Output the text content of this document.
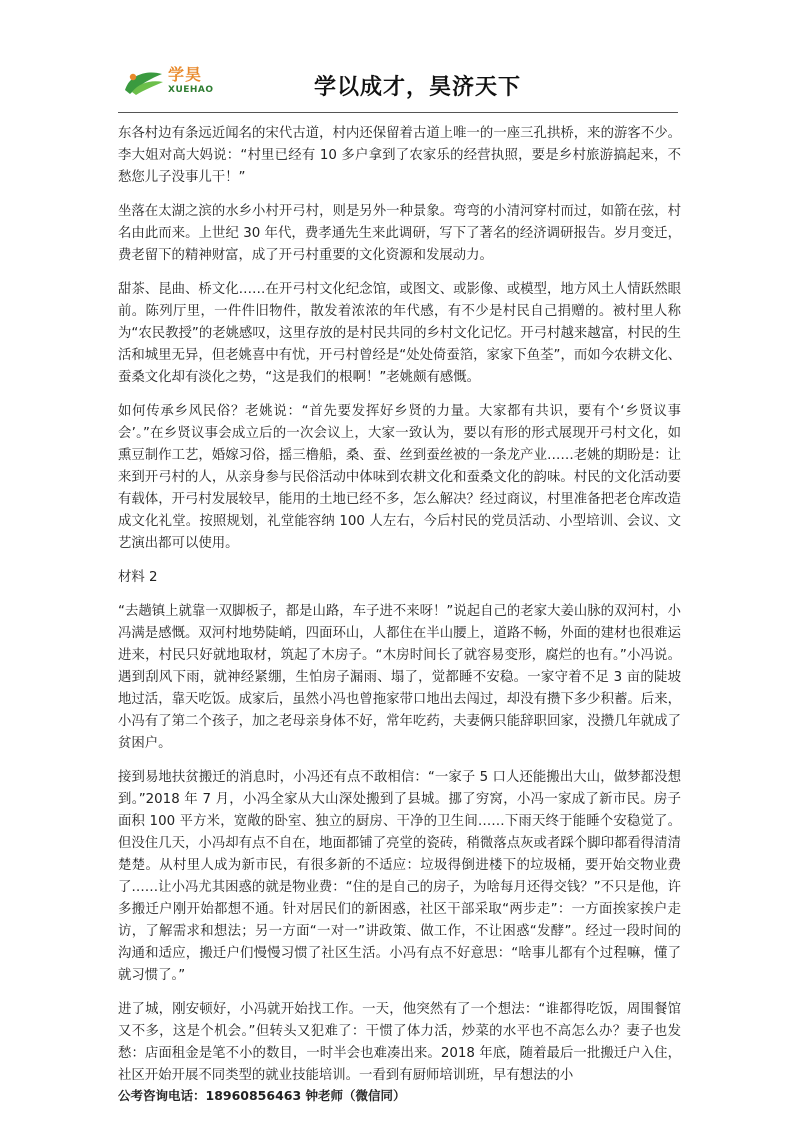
学昊
XUEHAO	学以成才，昊济天下

东各村边有条远近闻名的宋代古道，村内还保留着古道上唯一的一座三孔拱桥，来的游客不少。李大姐对高大妈说：“村里已经有 10 多户拿到了农家乐的经营执照，要是乡村旅游搞起来，不愁您儿子没事儿干！”

坐落在太湖之滨的水乡小村开弓村，则是另外一种景象。弯弯的小清河穿村而过，如箭在弦，村名由此而来。上世纪 30 年代，费孝通先生来此调研，写下了著名的经济调研报告。岁月变迁，费老留下的精神财富，成了开弓村重要的文化资源和发展动力。

甜茶、昆曲、桥文化……在开弓村文化纪念馆，或图文、或影像、或模型，地方风土人情跃然眼前。陈列厅里，一件件旧物件，散发着浓浓的年代感，有不少是村民自己捐赠的。被村里人称为“农民教授”的老姚感叹，这里存放的是村民共同的乡村文化记忆。开弓村越来越富，村民的生活和城里无异，但老姚喜中有忧，开弓村曾经是“处处倚蚕箔，家家下鱼荃”，而如今农耕文化、蚕桑文化却有淡化之势，“这是我们的根啊！”老姚颇有感慨。

如何传承乡风民俗？老姚说：“首先要发挥好乡贤的力量。大家都有共识，要有个‘乡贤议事会’。”在乡贤议事会成立后的一次会议上，大家一致认为，要以有形的形式展现开弓村文化，如熏豆制作工艺，婚嫁习俗，摇三橹船，桑、蚕、丝到蚕丝被的一条龙产业……老姚的期盼是：让来到开弓村的人，从亲身参与民俗活动中体味到农耕文化和蚕桑文化的韵味。村民的文化活动要有载体，开弓村发展较早，能用的土地已经不多，怎么解决？经过商议，村里准备把老仓库改造成文化礼堂。按照规划，礼堂能容纳 100 人左右，今后村民的党员活动、小型培训、会议、文艺演出都可以使用。

材料 2

“去趟镇上就靠一双脚板子，都是山路，车子进不来呀！”说起自己的老家大姜山脉的双河村，小冯满是感慨。双河村地势陡峭，四面环山，人都住在半山腰上，道路不畅，外面的建材也很难运进来，村民只好就地取材，筑起了木房子。“木房时间长了就容易变形，腐烂的也有。”小冯说。遇到刮风下雨，就神经紧绷，生怕房子漏雨、塌了，觉都睡不安稳。一家守着不足 3 亩的陡坡地过活，靠天吃饭。成家后，虽然小冯也曾拖家带口地出去闯过，却没有攒下多少积蓄。后来，小冯有了第二个孩子，加之老母亲身体不好，常年吃药，夫妻俩只能辞职回家，没攒几年就成了贫困户。

接到易地扶贫搬迁的消息时，小冯还有点不敢相信：“一家子 5 口人还能搬出大山，做梦都没想到。”2018 年 7 月，小冯全家从大山深处搬到了县城。挪了穷窝，小冯一家成了新市民。房子面积 100 平方米，宽敞的卧室、独立的厨房、干净的卫生间……下雨天终于能睡个安稳觉了。但没住几天，小冯却有点不自在，地面都铺了亮堂的瓷砖，稍微落点灰或者踩个脚印都看得清清楚楚。从村里人成为新市民，有很多新的不适应：垃圾得倒进楼下的垃圾桶，要开始交物业费了……让小冯尤其困惑的就是物业费：“住的是自己的房子，为啥每月还得交钱？”不只是他，许多搬迁户刚开始都想不通。针对居民们的新困惑，社区干部采取“两步走”：一方面挨家挨户走访，了解需求和想法；另一方面“一对一”讲政策、做工作，不让困惑“发酵”。经过一段时间的沟通和适应，搬迁户们慢慢习惯了社区生活。小冯有点不好意思：“啥事儿都有个过程嘛，懂了就习惯了。”

进了城，刚安顿好，小冯就开始找工作。一天，他突然有了一个想法：“谁都得吃饭，周围餐馆又不多，这是个机会。”但转头又犯难了：干惯了体力活，炒菜的水平也不高怎么办？妻子也发愁：店面租金是笔不小的数目，一时半会也难凑出来。2018 年底，随着最后一批搬迁户入住，社区开始开展不同类型的就业技能培训。一看到有厨师培训班，早有想法的小

公考咨询电话：18960856463 钟老师（微信同）
